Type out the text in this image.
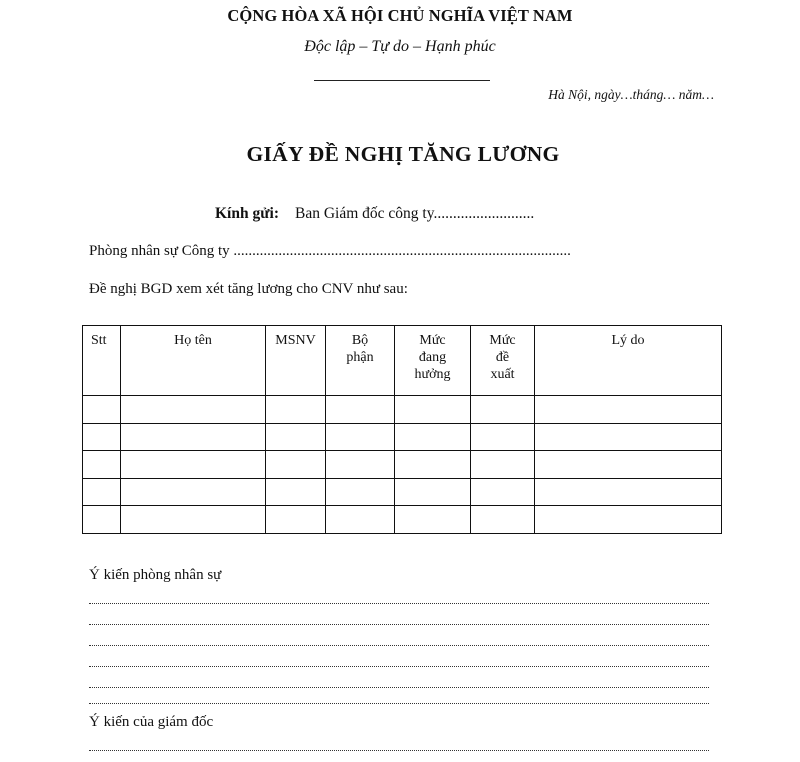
CỘNG HÒA XÃ HỘI CHỦ NGHĨA VIỆT NAM
Độc lập – Tự do – Hạnh phúc
Hà Nội, ngày…tháng… năm…
GIẤY ĐỀ NGHỊ TĂNG LƯƠNG
Kính gửi: Ban Giám đốc công ty..........................
Phòng nhân sự Công ty ..........................................................................................
Đề nghị BGD xem xét tăng lương cho CNV như sau:
Stt	Họ tên	MSNV	Bộ phận	Mức đang hưởng	Mức đề xuất	Lý do

Ý kiến phòng nhân sự
Ý kiến của giám đốc
